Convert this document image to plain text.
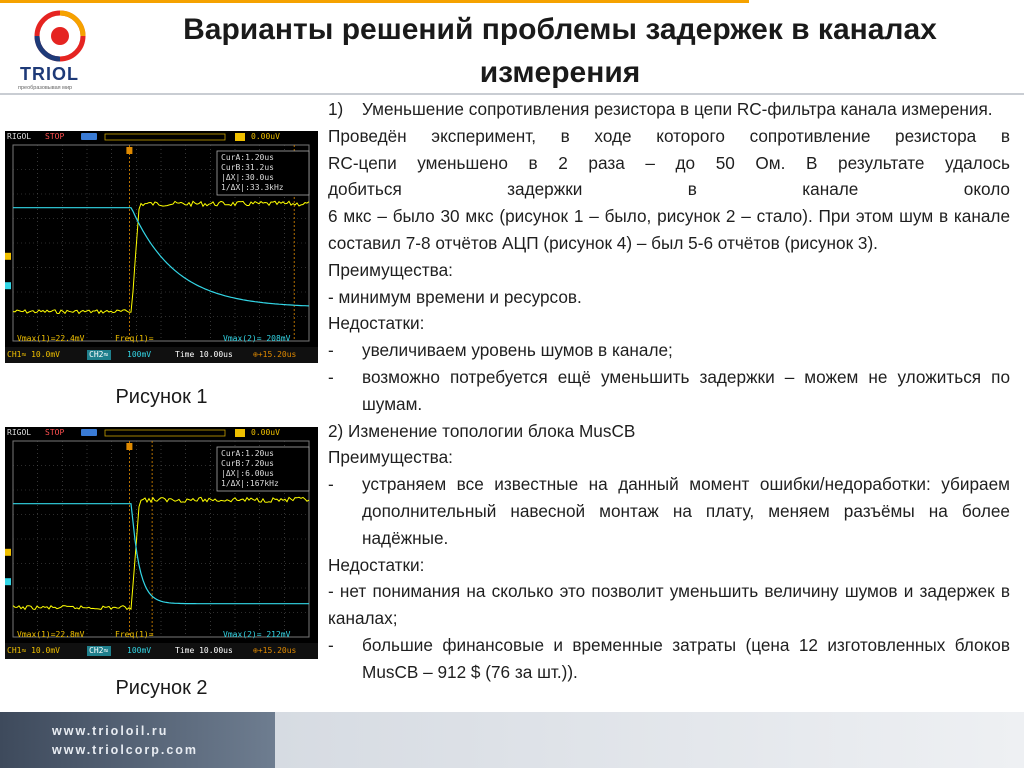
TRIOL
преобразовывая мир
Варианты решений проблемы задержек в каналах измерения
RIGOL STOP	0.00uV
CurA:1.20us
CurB:31.2us
|ΔX|:30.0us
1/ΔX|:33.3kHz
Vmax(1)=22.4mV	Freq(1)=	Vmax(2)= 208mV
CH1≈ 10.0mV	CH2≈ 100mV	Time 10.00us	⊕+15.20us
Рисунок 1
RIGOL STOP	0.00uV
CurA:1.20us
CurB:7.20us
|ΔX|:6.00us
1/ΔX|:167kHz
Vmax(1)=22.8mV	Freq(1)=	Vmax(2)= 212mV
CH1≈ 10.0mV	CH2≈ 100mV	Time 10.00us	⊕+15.20us
Рисунок 2
1)	Уменьшение сопротивления резистора в цепи RC-фильтра канала измерения.

Проведён эксперимент, в ходе которого сопротивление резистора в

RC-цепи уменьшено в 2 раза – до 50 Ом. В результате удалось

добиться задержки в канале около

6 мкс – было 30 мкс (рисунок 1 – было, рисунок 2 – стало). При этом шум в канале составил 7-8 отчётов АЦП (рисунок 4) – был 5-6 отчётов (рисунок 3).

Преимущества:

- минимум времени и ресурсов.

Недостатки:

-	увеличиваем уровень шумов в канале;
-	возможно потребуется ещё уменьшить задержки – можем не уложиться по шумам.

2) Изменение топологии блока MusCB

Преимущества:

-	устраняем все известные на данный момент ошибки/недоработки: убираем дополнительный навесной монтаж на плату, меняем разъёмы на более надёжные.

Недостатки:

- нет понимания на сколько это позволит уменьшить величину шумов и задержек в каналах;

-	большие финансовые и временные затраты (цена 12 изготовленных блоков MusCB – 912 $ (76 за шт.)).
www.trioloil.ru
www.triolcorp.com
